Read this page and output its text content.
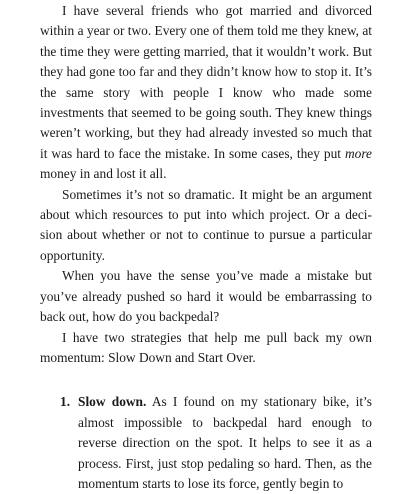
I have several friends who got married and divorced within a year or two. Every one of them told me they knew, at the time they were getting married, that it wouldn’t work. But they had gone too far and they didn’t know how to stop it. It’s the same story with people I know who made some investments that seemed to be going south. They knew things weren’t working, but they had already invested so much that it was hard to face the mistake. In some cases, they put more money in and lost it all.

Sometimes it’s not so dramatic. It might be an argument about which resources to put into which project. Or a decision about whether or not to continue to pursue a particular opportunity.

When you have the sense you’ve made a mistake but you’ve already pushed so hard it would be embarrassing to back out, how do you backpedal?

I have two strategies that help me pull back my own momentum: Slow Down and Start Over.

1. Slow down. As I found on my stationary bike, it’s almost impossible to backpedal hard enough to reverse direction on the spot. It helps to see it as a process. First, just stop pedaling so hard. Then, as the momentum starts to lose its force, gently begin to
